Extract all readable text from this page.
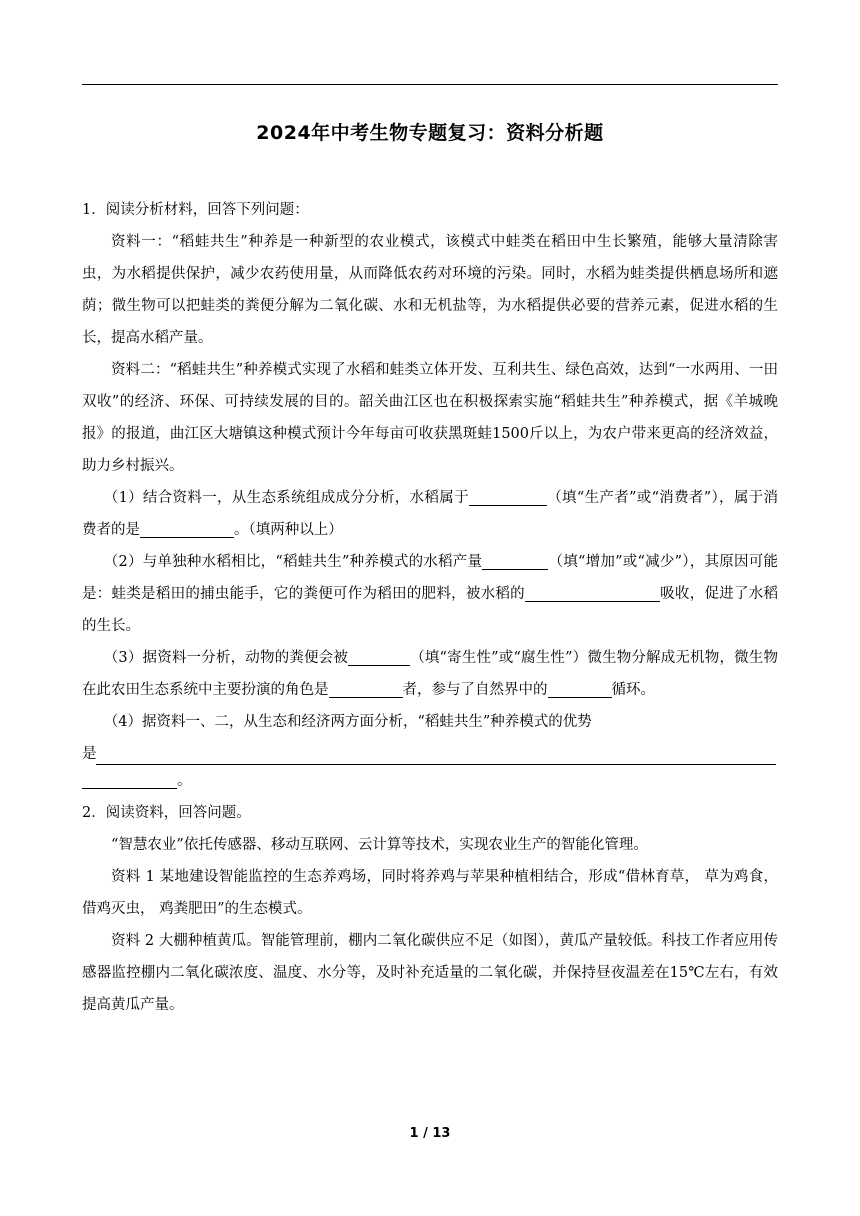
2024年中考生物专题复习：资料分析题

1．阅读分析材料，回答下列问题：

资料一：“稻蛙共生”种养是一种新型的农业模式，该模式中蛙类在稻田中生长繁殖，能够大量清除害虫，为水稻提供保护，减少农药使用量，从而降低农药对环境的污染。同时，水稻为蛙类提供栖息场所和遮荫；微生物可以把蛙类的粪便分解为二氧化碳、水和无机盐等，为水稻提供必要的营养元素，促进水稻的生长，提高水稻产量。

资料二：“稻蛙共生”种养模式实现了水稻和蛙类立体开发、互利共生、绿色高效，达到“一水两用、一田双收”的经济、环保、可持续发展的目的。韶关曲江区也在积极探索实施“稻蛙共生”种养模式，据《羊城晚报》的报道，曲江区大塘镇这种模式预计今年每亩可收获黑斑蛙1500斤以上，为农户带来更高的经济效益，助力乡村振兴。

（1）结合资料一，从生态系统组成成分分析，水稻属于	（填“生产者”或“消费者”），属于消费者的是	。（填两种以上）

（2）与单独种水稻相比，“稻蛙共生”种养模式的水稻产量	（填“增加”或“减少”），其原因可能是：蛙类是稻田的捕虫能手，它的粪便可作为稻田的肥料，被水稻的	吸收，促进了水稻的生长。

（3）据资料一分析，动物的粪便会被	（填“寄生性”或“腐生性”）微生物分解成无机物，微生物在此农田生态系统中主要扮演的角色是	者，参与了自然界中的	循环。

（4）据资料一、二，从生态和经济两方面分析，“稻蛙共生”种养模式的优势

是

。

2．阅读资料，回答问题。

“智慧农业”依托传感器、移动互联网、云计算等技术，实现农业生产的智能化管理。

资料 1 某地建设智能监控的生态养鸡场，同时将养鸡与苹果种植相结合，形成“借林育草， 草为鸡食， 借鸡灭虫， 鸡粪肥田”的生态模式。

资料 2 大棚种植黄瓜。智能管理前，棚内二氧化碳供应不足（如图），黄瓜产量较低。科技工作者应用传感器监控棚内二氧化碳浓度、温度、水分等，及时补充适量的二氧化碳，并保持昼夜温差在15℃左右，有效提高黄瓜产量。

1 / 13
